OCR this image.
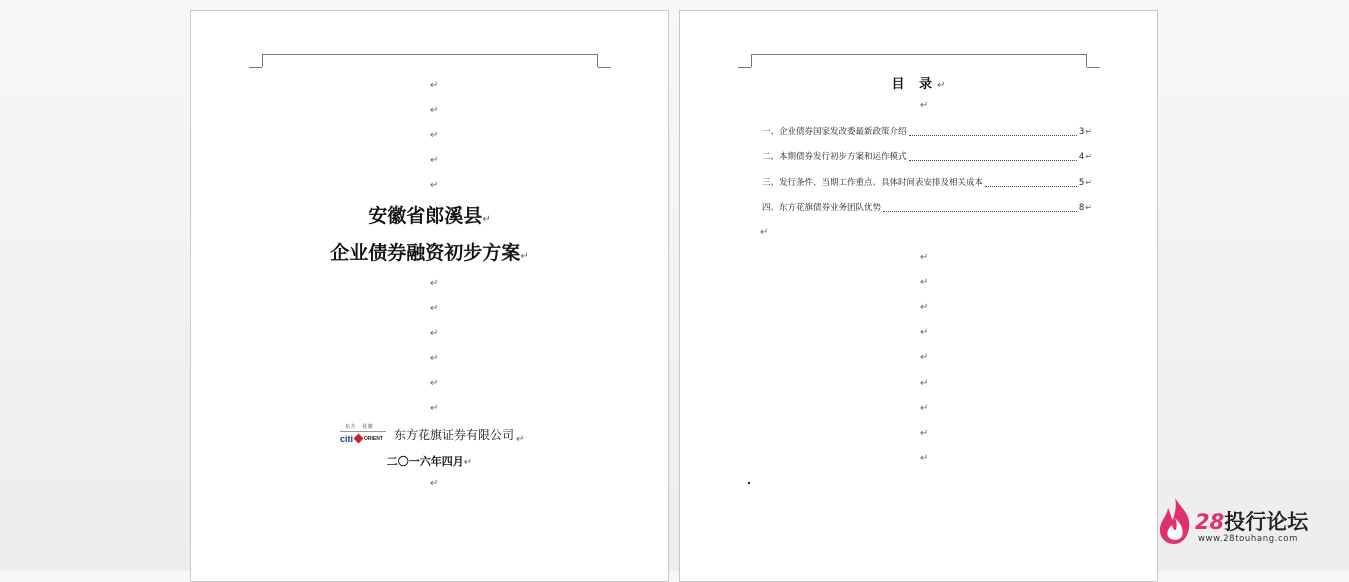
↵
↵
↵
↵
↵
安徽省郎溪县↵
企业债券融资初步方案↵
↵
↵
↵
↵
↵
↵
东方 · 花旗
citi ORIENT 东方花旗证券有限公司 ↵
二〇一六年四月↵
↵
目 录↵
↵
一、企业债券国家发改委最新政策介绍	3 ↵
二、本期债券发行初步方案和运作模式	4 ↵
三、发行条件、当期工作重点、具体时间表安排及相关成本	5 ↵
四、东方花旗债券业务团队优势	8 ↵
↵
↵
↵
↵
↵
↵
↵
↵
↵
↵
28投行论坛
www.28touhang.com
